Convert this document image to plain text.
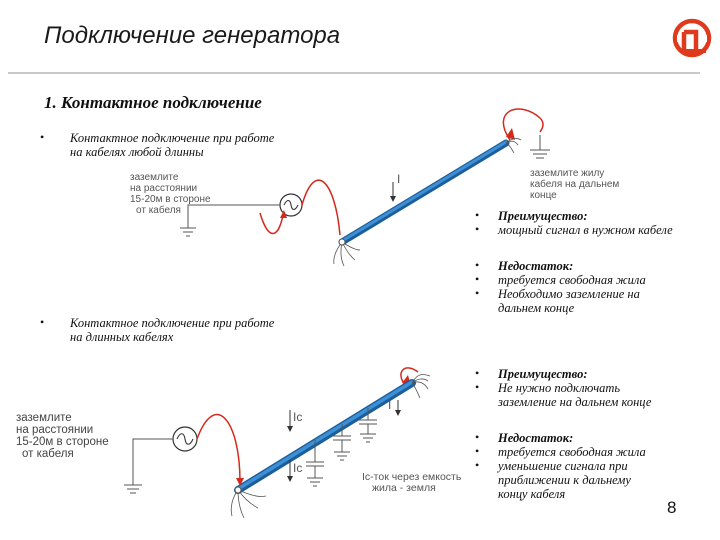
Подключение генератора
1. Контактное подключение
• Контактное подключение при работе
на кабелях любой длинны
заземлите
на расстоянии
15-20м в стороне
от кабеля
заземлите жилу
кабеля на дальнем
конце
I
•
•
Преимущество:
мощный сигнал в нужном кабеле
•
•
•
Недостаток:
требуется свободная жила
Необходимо заземление на
дальнем конце
• Контактное подключение при работе
на длинных кабелях
заземлите
на расстоянии
15-20м в стороне
от кабеля
Ic
Ic
I
Ic-ток через емкость
жила - земля
•
•
Преимущество:
Не нужно подключать
заземление на дальнем конце
•
•
•
Недостаток:
требуется свободная жила
уменьшение сигнала при
приближении к дальнему
концу кабеля
8
